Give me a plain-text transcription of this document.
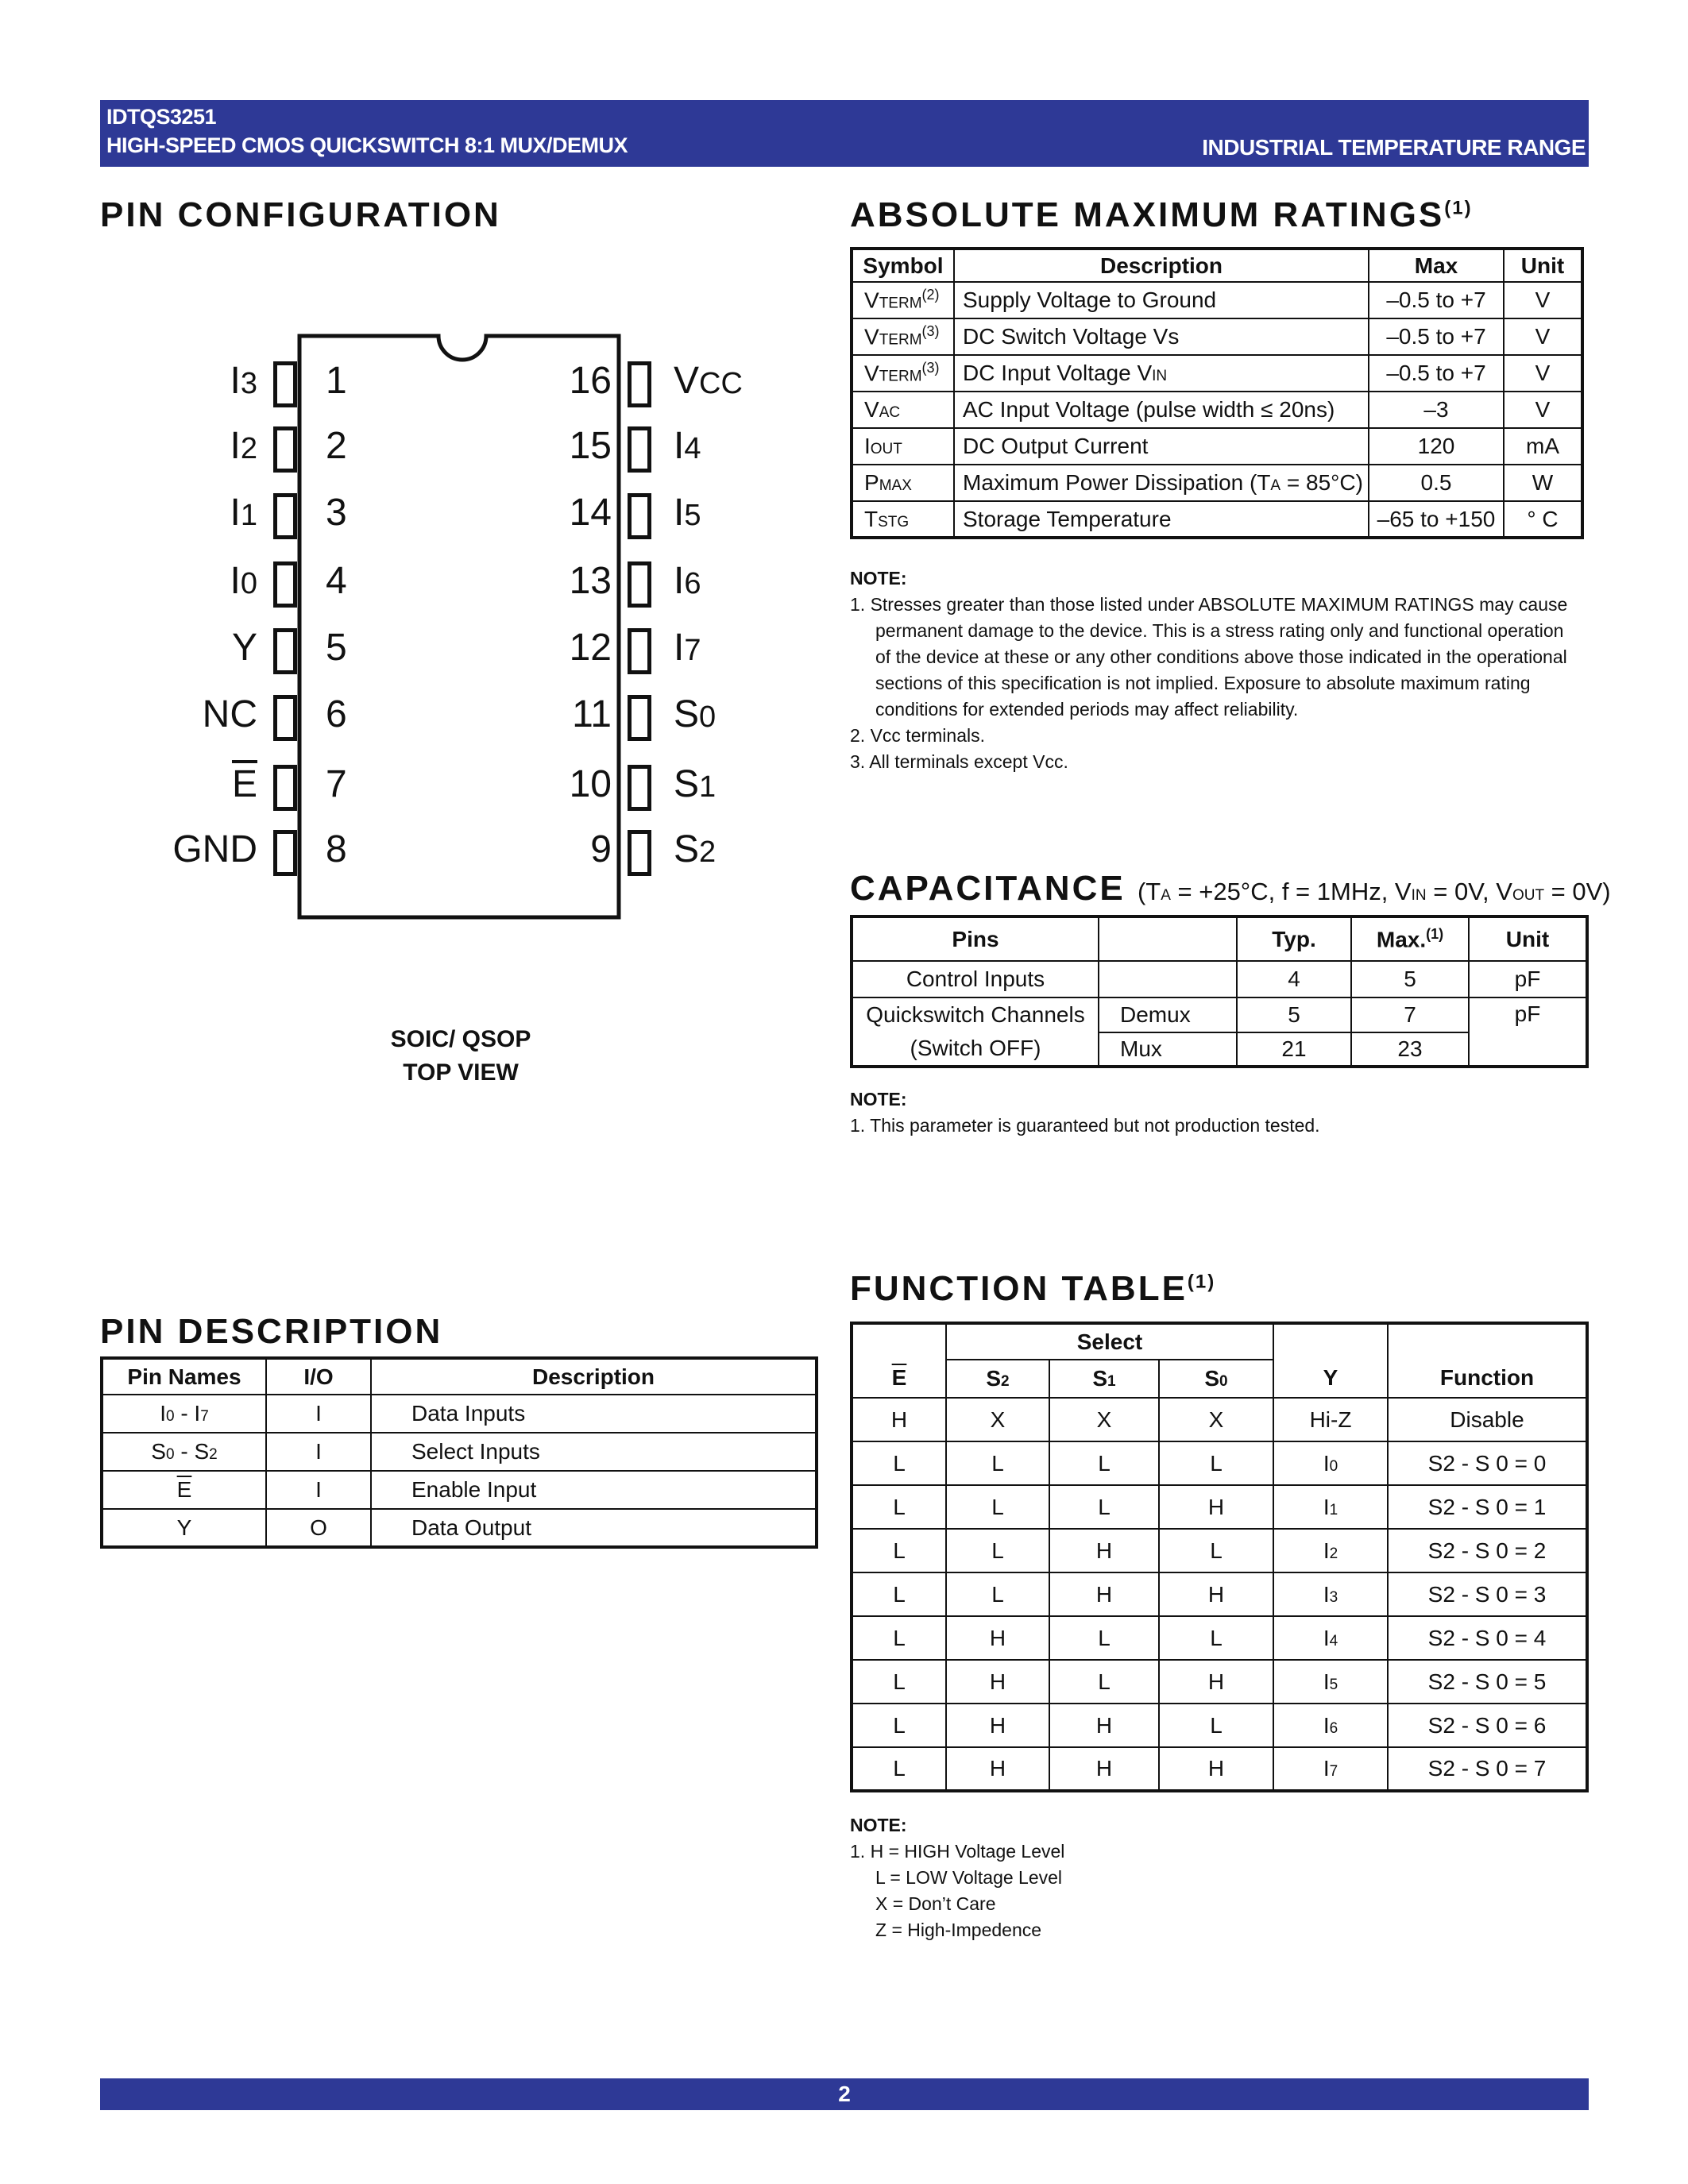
IDTQS3251
HIGH-SPEED CMOS QUICKSWITCH 8:1 MUX/DEMUX	INDUSTRIAL TEMPERATURE RANGE
PIN CONFIGURATION
1
I3
2
I2
3
I1
4
I0
5
Y
6
NC
7
$\overline{E}$
8
GND
16 VCC
15 I4
14 I5
13 I6
12 I7
11 S0
10 S1
9 S2
SOIC/ QSOP
TOP VIEW
ABSOLUTE MAXIMUM RATINGS$^{(1)}$
Symbol	Description	Max	Unit
VTERM$^{(2)}$	Supply Voltage to Ground	–0.5 to +7	V
VTERM$^{(3)}$	DC Switch Voltage Vs	–0.5 to +7	V
VTERM$^{(3)}$	DC Input Voltage VIN	–0.5 to +7	V
VAC	AC Input Voltage (pulse width ≤ 20ns)	–3	V
IOUT	DC Output Current	120	mA
PMAX	Maximum Power Dissipation (TA = 85°C)	0.5	W
TSTG	Storage Temperature	–65 to +150	° C
NOTE:
1. Stresses greater than those listed under ABSOLUTE MAXIMUM RATINGS may cause
permanent damage to the device. This is a stress rating only and functional operation
of the device at these or any other conditions above those indicated in the operational
sections of this specification is not implied. Exposure to absolute maximum rating
conditions for extended periods may affect reliability.
2. Vcc terminals.
3. All terminals except Vcc.
CAPACITANCE (TA = +25°C, f = 1MHz, VIN = 0V, VOUT = 0V)
Pins		Typ.	Max.$^{(1)}$	Unit
Control Inputs		4	5	pF

Quickswitch Channels
(Switch OFF)	Demux	5	7	pF
	Mux	21	23	
NOTE:
1. This parameter is guaranteed but not production tested.
PIN DESCRIPTION
Pin Names	I/O	Description
I0 - I7	I	Data Inputs
S0 - S2	I	Select Inputs
$\overline{E}$	I	Enable Input
Y	O	Data Output
FUNCTION TABLE$^{(1)}$
$\overline{E}$	Select			Y	Function
	S2	S1	S0		
H	X	X	X	Hi-Z	Disable
L	L	L	L	I0	S2 - S 0 = 0
L	L	L	H	I1	S2 - S 0 = 1
L	L	H	L	I2	S2 - S 0 = 2
L	L	H	H	I3	S2 - S 0 = 3
L	H	L	L	I4	S2 - S 0 = 4
L	H	L	H	I5	S2 - S 0 = 5
L	H	H	L	I6	S2 - S 0 = 6
L	H	H	H	I7	S2 - S 0 = 7
NOTE:
1. H = HIGH Voltage Level
L = LOW Voltage Level
X = Don’t Care
Z = High-Impedence
2
